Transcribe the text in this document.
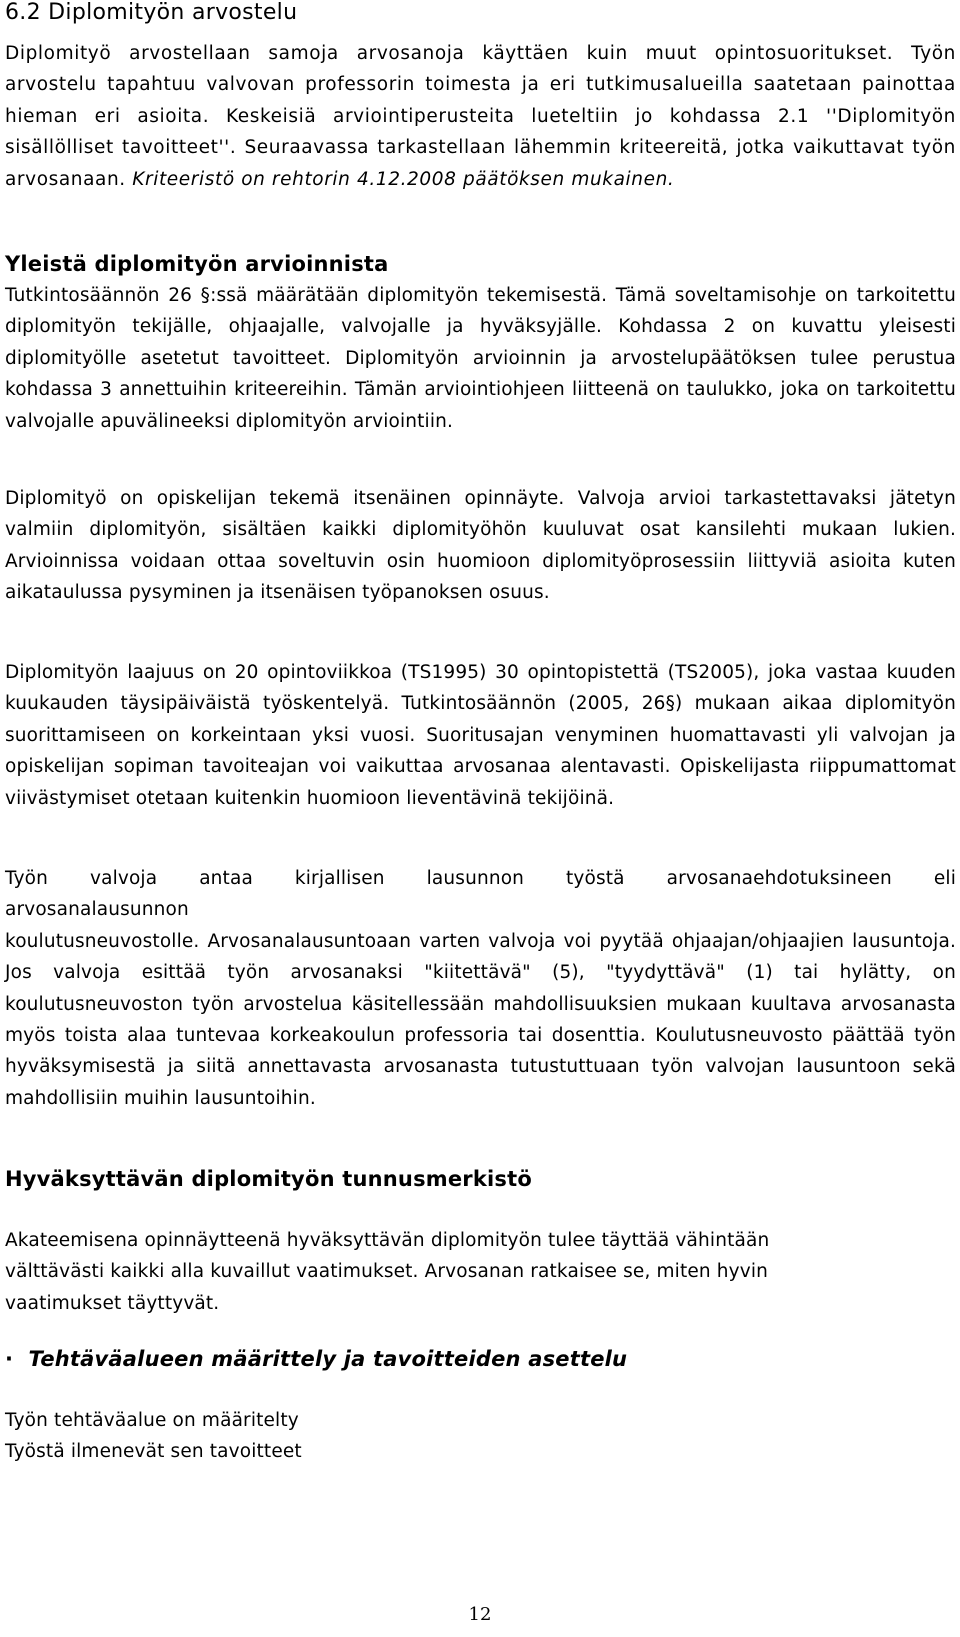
6.2 Diplomityön arvostelu

Diplomityö arvostellaan samoja arvosanoja käyttäen kuin muut opintosuoritukset. Työn arvostelu tapahtuu valvovan professorin toimesta ja eri tutkimusalueilla saatetaan painottaa hieman eri asioita. Keskeisiä arviointiperusteita lueteltiin jo kohdassa 2.1 ''Diplomityön sisällölliset tavoitteet''. Seuraavassa tarkastellaan lähemmin kriteereitä, jotka vaikuttavat työn arvosanaan. Kriteeristö on rehtorin 4.12.2008 päätöksen mukainen.

Yleistä diplomityön arvioinnista

Tutkintosäännön 26 §:ssä määrätään diplomityön tekemisestä. Tämä soveltamisohje on tarkoitettu diplomityön tekijälle, ohjaajalle, valvojalle ja hyväksyjälle. Kohdassa 2 on kuvattu yleisesti diplomityölle asetetut tavoitteet. Diplomityön arvioinnin ja arvostelupäätöksen tulee perustua kohdassa 3 annettuihin kriteereihin. Tämän arviointiohjeen liitteenä on taulukko, joka on tarkoitettu valvojalle apuvälineeksi diplomityön arviointiin.

Diplomityö on opiskelijan tekemä itsenäinen opinnäyte. Valvoja arvioi tarkastettavaksi jätetyn valmiin diplomityön, sisältäen kaikki diplomityöhön kuuluvat osat kansilehti mukaan lukien. Arvioinnissa voidaan ottaa soveltuvin osin huomioon diplomityöprosessiin liittyviä asioita kuten aikataulussa pysyminen ja itsenäisen työpanoksen osuus.

Diplomityön laajuus on 20 opintoviikkoa (TS1995) 30 opintopistettä (TS2005), joka vastaa kuuden kuukauden täysipäiväistä työskentelyä. Tutkintosäännön (2005, 26§) mukaan aikaa diplomityön suorittamiseen on korkeintaan yksi vuosi. Suoritusajan venyminen huomattavasti yli valvojan ja opiskelijan sopiman tavoiteajan voi vaikuttaa arvosanaa alentavasti. Opiskelijasta riippumattomat viivästymiset otetaan kuitenkin huomioon lieventävinä tekijöinä.

Työn valvoja antaa kirjallisen lausunnon työstä arvosanaehdotuksineen eli
arvosanalausunnon
koulutusneuvostolle. Arvosanalausuntoaan varten valvoja voi pyytää ohjaajan/ohjaajien lausuntoja. Jos valvoja esittää työn arvosanaksi "kiitettävä" (5), "tyydyttävä" (1) tai hylätty, on koulutusneuvoston työn arvostelua käsitellessään mahdollisuuksien mukaan kuultava arvosanasta myös toista alaa tuntevaa korkeakoulun professoria tai dosenttia. Koulutusneuvosto päättää työn hyväksymisestä ja siitä annettavasta arvosanasta tutustuttuaan työn valvojan lausuntoon sekä mahdollisiin muihin lausuntoihin.

Hyväksyttävän diplomityön tunnusmerkistö

Akateemisena opinnäytteenä hyväksyttävän diplomityön tulee täyttää vähintään välttävästi kaikki alla kuvaillut vaatimukset. Arvosanan ratkaisee se, miten hyvin vaatimukset täyttyvät.

· Tehtäväalueen määrittely ja tavoitteiden asettelu
Työn tehtäväalue on määritelty
Työstä ilmenevät sen tavoitteet
12
